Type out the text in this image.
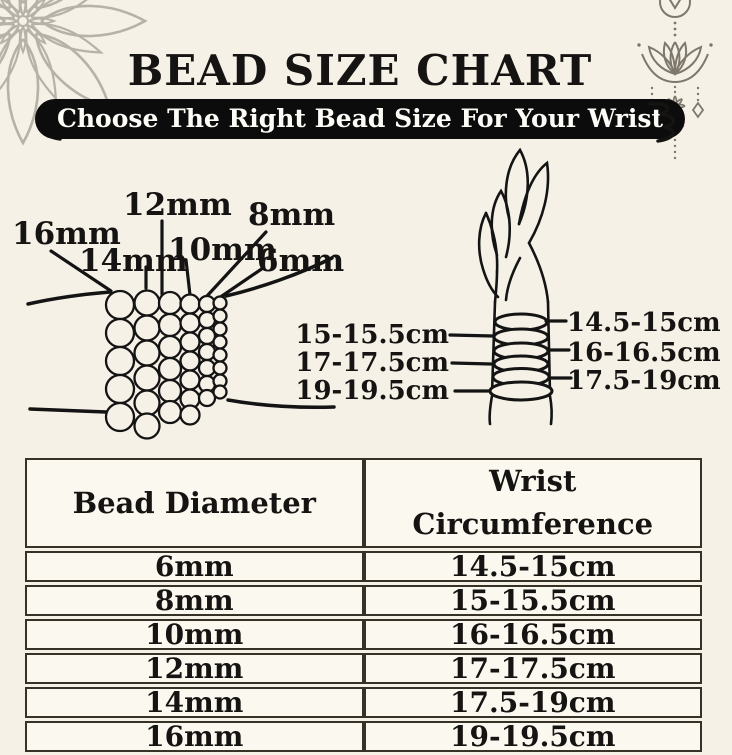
BEAD SIZE CHART
Choose The Right Bead Size For Your Wrist
16mm
14mm
12mm
10mm
8mm
6mm
15-15.5cm
17-17.5cm
19-19.5cm
14.5-15cm
16-16.5cm
17.5-19cm
Bead Diameter	Wrist Circumference
6mm	14.5-15cm
8mm	15-15.5cm
10mm	16-16.5cm
12mm	17-17.5cm
14mm	17.5-19cm
16mm	19-19.5cm
